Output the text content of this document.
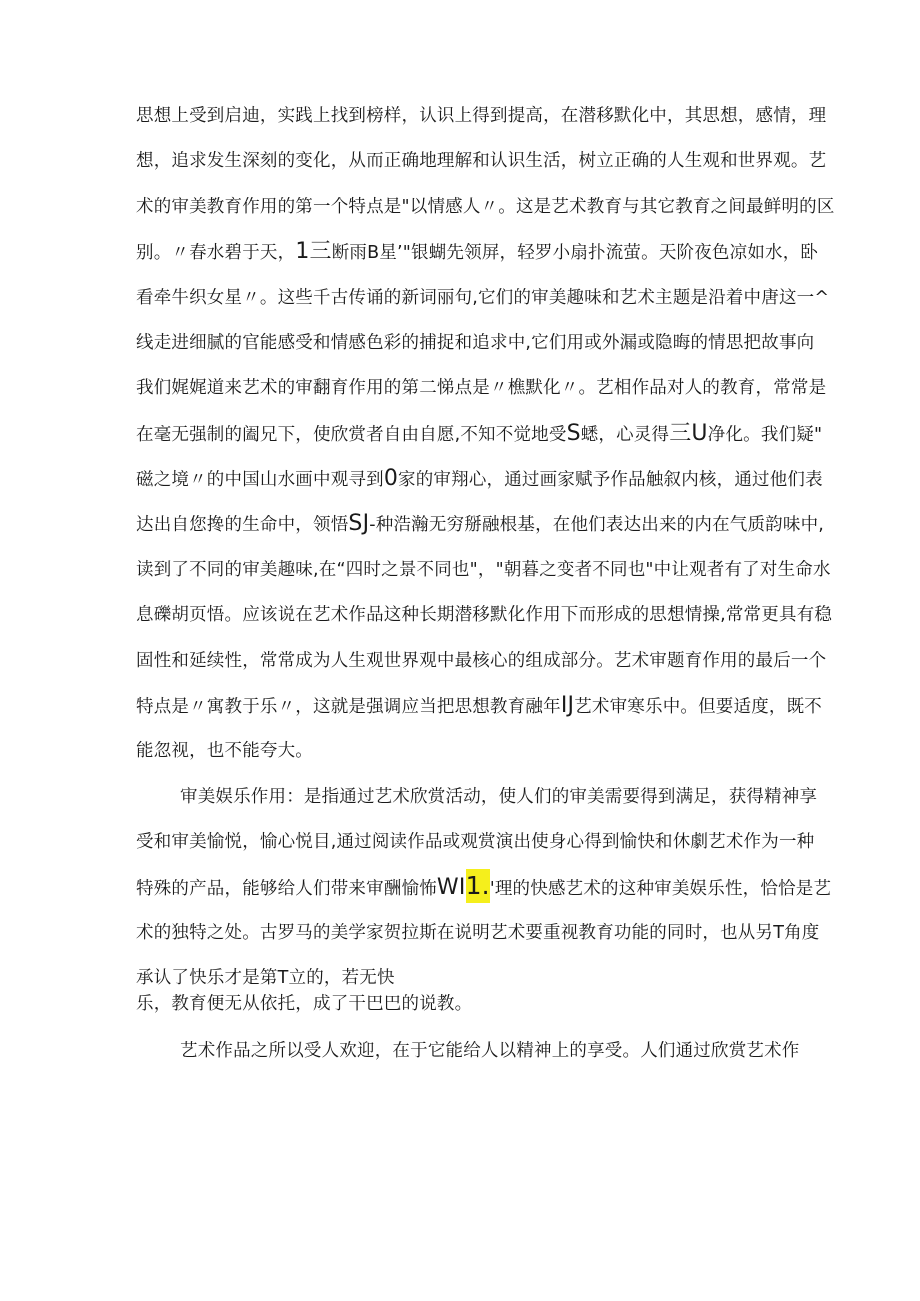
思想上受到启迪，实践上找到榜样，认识上得到提高，在潜移默化中，其思想，感情，理
想，追求发生深刻的变化，从而正确地理解和认识生活，树立正确的人生观和世界观。艺
术的审美教育作用的第一个特点是"以情感人〃。这是艺术教育与其它教育之间最鲜明的区
别。〃春水碧于天，1三断雨B星’"银蝴先领屏，轻罗小扇扑流萤。天阶夜色凉如水，卧
看牵牛织女星〃。这些千古传诵的新词丽句,它们的审美趣味和艺术主题是沿着中唐这一^
线走进细腻的官能感受和情感色彩的捕捉和追求中,它们用或外漏或隐晦的情思把故事向
我们娓娓道来艺术的审翻育作用的第二悌点是〃樵默化〃。艺相作品对人的教育，常常是
在毫无强制的阖兄下，使欣赏者自由自愿,不知不觉地受S蟋，心灵得三U净化。我们疑"
磁之境〃的中国山水画中观寻到0家的审翔心，通过画家赋予作品触叙内核，通过他们表
达出自您搀的生命中，领悟SJ-种浩瀚无穷掰融根基，在他们表达出来的内在气质韵味中,
读到了不同的审美趣味,在“四时之景不同也"，"朝暮之变者不同也"中让观者有了对生命水
息礫胡页悟。应该说在艺术作品这种长期潜移默化作用下而形成的思想情操,常常更具有稳
固性和延续性，常常成为人生观世界观中最核心的组成部分。艺术审题育作用的最后一个
特点是〃寓教于乐〃，这就是强调应当把思想教育融年IJ艺术审寒乐中。但要适度，既不
能忽视，也不能夸大。
审美娱乐作用：是指通过艺术欣赏活动，使人们的审美需要得到满足，获得精神享
受和审美愉悦，愉心悦目,通过阅读作品或观赏演出使身心得到愉快和休劇艺术作为一种
特殊的产品，能够给人们带来审酬愉怖WI1.'理的快感艺术的这种审美娱乐性，恰恰是艺
术的独特之处。古罗马的美学家贺拉斯在说明艺术要重视教育功能的同时，也从另T角度
承认了快乐才是第T立的，若无快
乐，教育便无从依托，成了干巴巴的说教。
艺术作品之所以受人欢迎，在于它能给人以精神上的享受。人们通过欣赏艺术作
